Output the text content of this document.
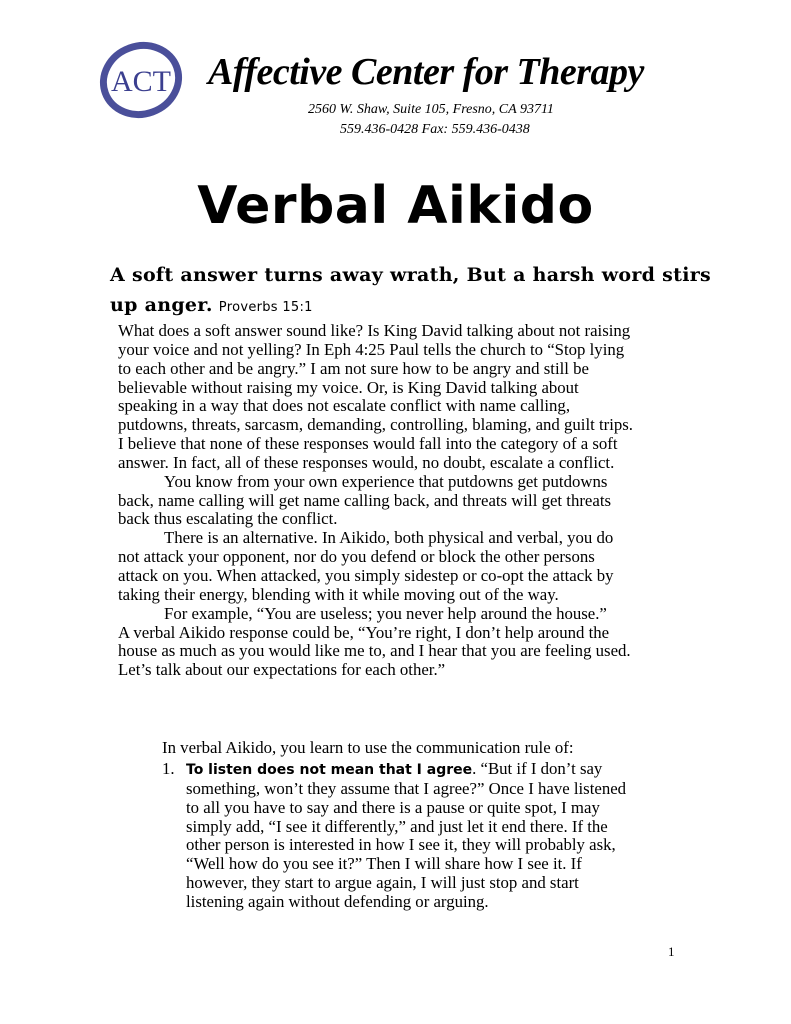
ACT Affective Center for Therapy
2560 W. Shaw, Suite 105, Fresno, CA 93711
559.436-0428 Fax: 559.436-0438
Verbal Aikido
A soft answer turns away wrath, But a harsh word stirs
up anger. Proverbs 15:1
What does a soft answer sound like? Is King David talking about not raising
your voice and not yelling? In Eph 4:25 Paul tells the church to “Stop lying
to each other and be angry.” I am not sure how to be angry and still be
believable without raising my voice. Or, is King David talking about
speaking in a way that does not escalate conflict with name calling,
putdowns, threats, sarcasm, demanding, controlling, blaming, and guilt trips.
I believe that none of these responses would fall into the category of a soft
answer. In fact, all of these responses would, no doubt, escalate a conflict.
You know from your own experience that putdowns get putdowns
back, name calling will get name calling back, and threats will get threats
back thus escalating the conflict.
There is an alternative. In Aikido, both physical and verbal, you do
not attack your opponent, nor do you defend or block the other persons
attack on you. When attacked, you simply sidestep or co-opt the attack by
taking their energy, blending with it while moving out of the way.
For example, “You are useless; you never help around the house.”
A verbal Aikido response could be, “You’re right, I don’t help around the
house as much as you would like me to, and I hear that you are feeling used.
Let’s talk about our expectations for each other.”
In verbal Aikido, you learn to use the communication rule of:
1. To listen does not mean that I agree. “But if I don’t say
something, won’t they assume that I agree?” Once I have listened
to all you have to say and there is a pause or quite spot, I may
simply add, “I see it differently,” and just let it end there. If the
other person is interested in how I see it, they will probably ask,
“Well how do you see it?” Then I will share how I see it. If
however, they start to argue again, I will just stop and start
listening again without defending or arguing.
1
